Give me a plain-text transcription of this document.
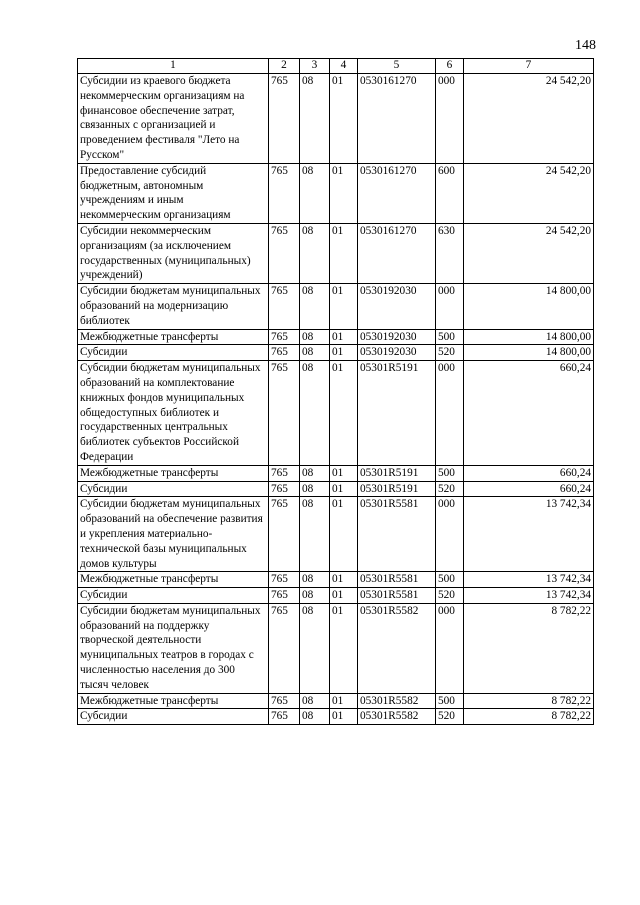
148
1	2	3	4	5	6	7
Субсидии из краевого бюджета некоммерческим организациям на финансовое обеспечение затрат, связанных с организацией и проведением фестиваля "Лето на Русском"	765	08	01	0530161270	000	24 542,20
Предоставление субсидий бюджетным, автономным учреждениям и иным некоммерческим организациям	765	08	01	0530161270	600	24 542,20
Субсидии некоммерческим организациям (за исключением государственных (муниципальных) учреждений)	765	08	01	0530161270	630	24 542,20
Субсидии бюджетам муниципальных образований на модернизацию библиотек	765	08	01	0530192030	000	14 800,00
Межбюджетные трансферты	765	08	01	0530192030	500	14 800,00
Субсидии	765	08	01	0530192030	520	14 800,00
Субсидии бюджетам муниципальных образований на комплектование книжных фондов муниципальных общедоступных библиотек и государственных центральных библиотек субъектов Российской Федерации	765	08	01	05301R5191	000	660,24
Межбюджетные трансферты	765	08	01	05301R5191	500	660,24
Субсидии	765	08	01	05301R5191	520	660,24
Субсидии бюджетам муниципальных образований на обеспечение развития и укрепления материально-технической базы муниципальных домов культуры	765	08	01	05301R5581	000	13 742,34
Межбюджетные трансферты	765	08	01	05301R5581	500	13 742,34
Субсидии	765	08	01	05301R5581	520	13 742,34
Субсидии бюджетам муниципальных образований на поддержку творческой деятельности муниципальных театров в городах с численностью населения до 300 тысяч человек	765	08	01	05301R5582	000	8 782,22
Межбюджетные трансферты	765	08	01	05301R5582	500	8 782,22
Субсидии	765	08	01	05301R5582	520	8 782,22
